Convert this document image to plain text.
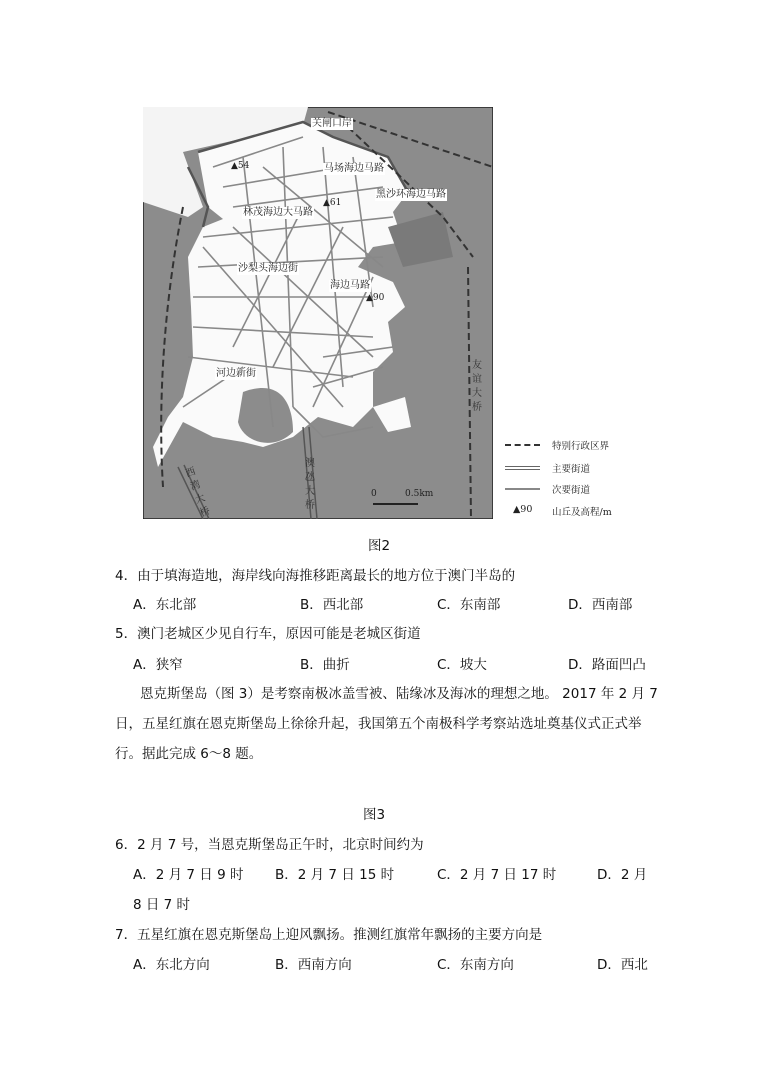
关闸口岸
▲54	马场海边马路
黑沙环海边马路
▲61
林茂海边大马路
沙梨头海边街
海边马路
▲90
河边新街
友谊大桥
澳氹大桥
西湾大桥
0	0.5km
特别行政区界
主要街道
次要街道
▲90 山丘及高程/m
图2
4．由于填海造地，海岸线向海推移距离最长的地方位于澳门半岛的
A．东北部	B．西北部	C．东南部	D．西南部
5．澳门老城区少见自行车，原因可能是老城区街道
A．狭窄	B．曲折	C．坡大	D．路面凹凸
恩克斯堡岛（图 3）是考察南极冰盖雪被、陆缘冰及海冰的理想之地。 2017 年 2 月 7
日，五星红旗在恩克斯堡岛上徐徐升起，我国第五个南极科学考察站选址奠基仪式正式举
行。据此完成 6～8 题。
图3
6．2 月 7 号，当恩克斯堡岛正午时，北京时间约为
A．2 月 7 日 9 时 B．2 月 7 日 15 时	C．2 月 7 日 17 时	D．2 月
8 日 7 时
7．五星红旗在恩克斯堡岛上迎风飘扬。推测红旗常年飘扬的主要方向是
A．东北方向	B．西南方向	C．东南方向	D．西北
